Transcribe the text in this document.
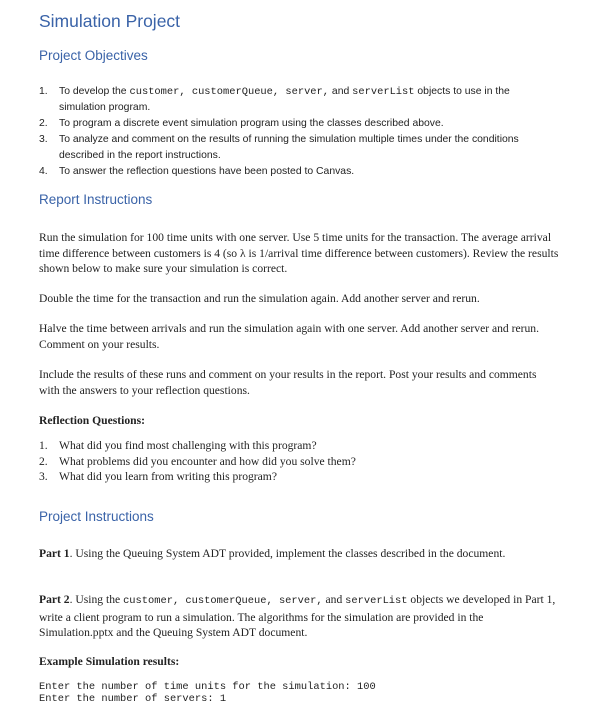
Simulation Project
Project Objectives
1. To develop the customer, customerQueue, server, and serverList objects to use in the simulation program.
2. To program a discrete event simulation program using the classes described above.
3. To analyze and comment on the results of running the simulation multiple times under the conditions described in the report instructions.
4. To answer the reflection questions have been posted to Canvas.
Report Instructions

Run the simulation for 100 time units with one server. Use 5 time units for the transaction. The average arrival time difference between customers is 4 (so λ is 1/arrival time difference between customers). Review the results shown below to make sure your simulation is correct.

Double the time for the transaction and run the simulation again. Add another server and rerun.

Halve the time between arrivals and run the simulation again with one server. Add another server and rerun. Comment on your results.

Include the results of these runs and comment on your results in the report. Post your results and comments with the answers to your reflection questions.

Reflection Questions:

1. What did you find most challenging with this program?
2. What problems did you encounter and how did you solve them?
3. What did you learn from writing this program?
Project Instructions

Part 1. Using the Queuing System ADT provided, implement the classes described in the document.

Part 2. Using the customer, customerQueue, server, and serverList objects we developed in Part 1, write a client program to run a simulation. The algorithms for the simulation are provided in the Simulation.pptx and the Queuing System ADT document.

Example Simulation results:

Enter the number of time units for the simulation: 100
Enter the number of servers: 1
